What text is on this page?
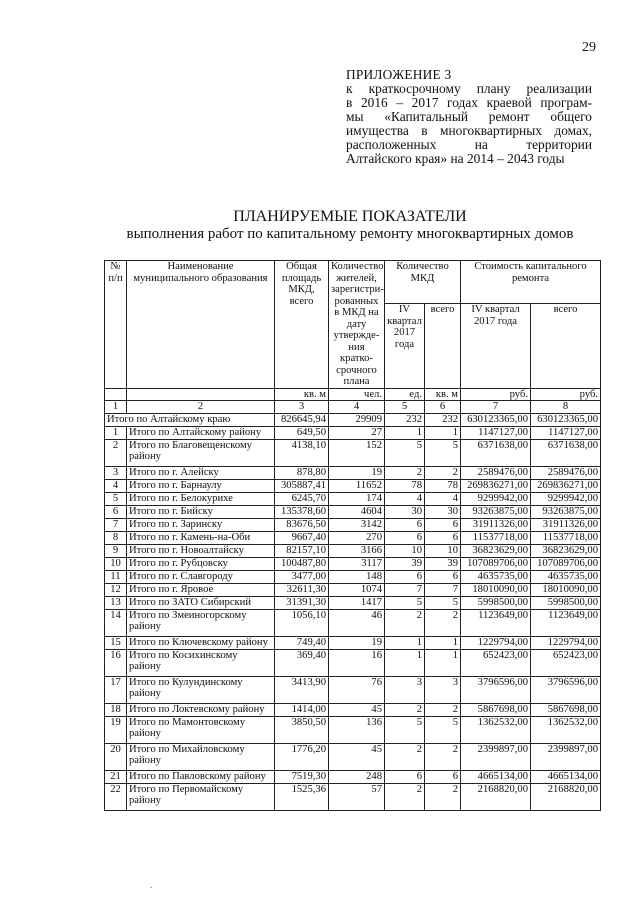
29
ПРИЛОЖЕНИЕ 3
к краткосрочному плану реализации
в 2016 – 2017 годах краевой програм-
мы «Капитальный ремонт общего
имущества в многоквартирных домах,
расположенных на территории
Алтайского края» на 2014 – 2043 годы
ПЛАНИРУЕМЫЕ ПОКАЗАТЕЛИ
выполнения работ по капитальному ремонту многоквартирных домов
№ п/п	Наименование муниципального образования	Общая площадь МКД, всего	Количество жителей, зарегистри-рованных в МКД на дату утвержде-ния кратко-срочного плана	Количество МКД		Стоимость капитального ремонта	
				IV квартал 2017 года	всего	IV квартал 2017 года	всего
		кв. м	чел.	ед.	кв. м	руб.	руб.
1	2	3	4	5	6	7	8
Итого по Алтайскому краю		826645,94	29909	232	232	630123365,00	630123365,00
1	Итого по Алтайскому району	649,50	27	1	1	1147127,00	1147127,00
2	Итого по Благовещенскому району	4138,10	152	5	5	6371638,00	6371638,00
3	Итого по г. Алейску	878,80	19	2	2	2589476,00	2589476,00
4	Итого по г. Барнаулу	305887,41	11652	78	78	269836271,00	269836271,00
5	Итого по г. Белокурихе	6245,70	174	4	4	9299942,00	9299942,00
6	Итого по г. Бийску	135378,60	4604	30	30	93263875,00	93263875,00
7	Итого по г. Заринску	83676,50	3142	6	6	31911326,00	31911326,00
8	Итого по г. Камень-на-Оби	9667,40	270	6	6	11537718,00	11537718,00
9	Итого по г. Новоалтайску	82157,10	3166	10	10	36823629,00	36823629,00
10	Итого по г. Рубцовску	100487,80	3117	39	39	107089706,00	107089706,00
11	Итого по г. Славгороду	3477,00	148	6	6	4635735,00	4635735,00
12	Итого по г. Яровое	32611,30	1074	7	7	18010090,00	18010090,00
13	Итого по ЗАТО Сибирский	31391,30	1417	5	5	5998500,00	5998500,00
14	Итого по Змеиногорскому району	1056,10	46	2	2	1123649,00	1123649,00
15	Итого по Ключевскому району	749,40	19	1	1	1229794,00	1229794,00
16	Итого по Косихинскому району	369,40	16	1	1	652423,00	652423,00
17	Итого по Кулундинскому району	3413,90	76	3	3	3796596,00	3796596,00
18	Итого по Локтевскому району	1414,00	45	2	2	5867698,00	5867698,00
19	Итого по Мамонтовскому району	3850,50	136	5	5	1362532,00	1362532,00
20	Итого по Михайловскому району	1776,20	45	2	2	2399897,00	2399897,00
21	Итого по Павловскому району	7519,30	248	6	6	4665134,00	4665134,00
22	Итого по Первомайскому району	1525,36	57	2	2	2168820,00	2168820,00
.
